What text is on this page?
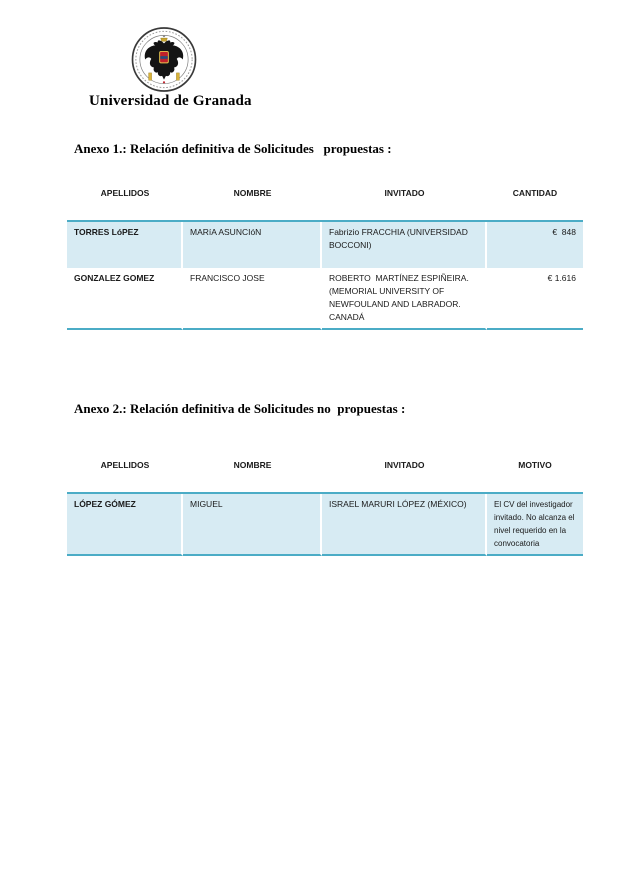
Universidad de Granada
Anexo 1.: Relación definitiva de Solicitudes   propuestas :
APELLIDOS	NOMBRE	INVITADO	CANTIDAD
TORRES LóPEZ	MARíA ASUNCIóN	Fabrizio FRACCHIA (UNIVERSIDAD BOCCONI)	€  848
GONZALEZ GOMEZ	FRANCISCO JOSE	ROBERTO  MARTÍNEZ ESPIÑEIRA.(MEMORIAL UNIVERSITY OF NEWFOULAND AND LABRADOR. CANADÁ	€ 1.616
Anexo 2.: Relación definitiva de Solicitudes no  propuestas :
APELLIDOS	NOMBRE	INVITADO	MOTIVO
LÓPEZ GÓMEZ	MIGUEL	ISRAEL MARURI LÓPEZ (MÉXICO)	El CV del investigador invitado. No alcanza el nivel requerido en la convocatoria
